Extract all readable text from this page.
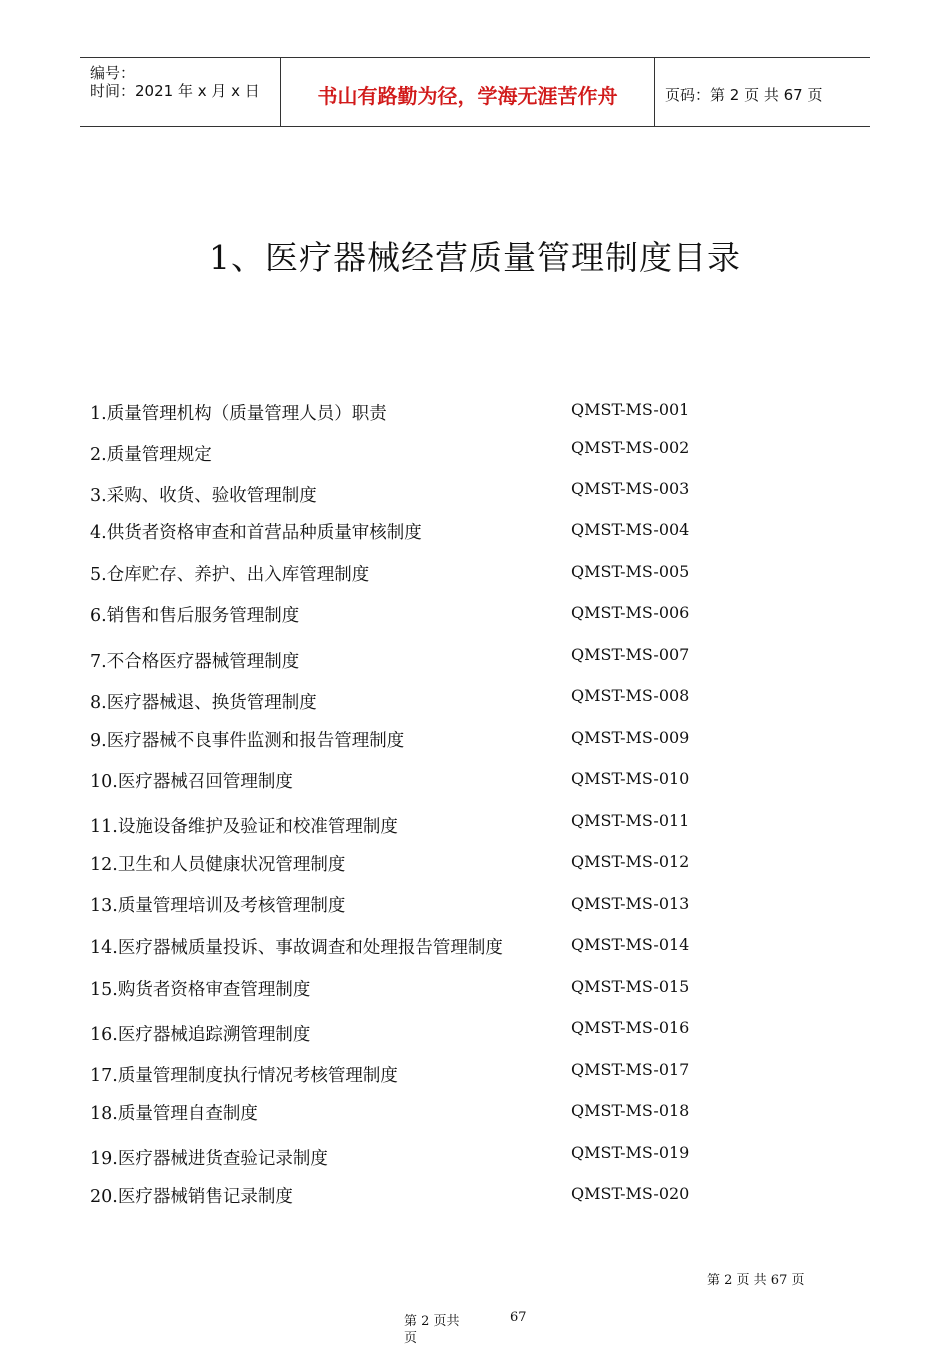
编号：
时间：2021 年 x 月 x 日	书山有路勤为径，学海无涯苦作舟	页码：第 2 页 共 67 页
1、医疗器械经营质量管理制度目录
1.质量管理机构（质量管理人员）职责	QMST-MS-001
2.质量管理规定	QMST-MS-002
3.采购、收货、验收管理制度	QMST-MS-003
4.供货者资格审查和首营品种质量审核制度	QMST-MS-004
5.仓库贮存、养护、出入库管理制度	QMST-MS-005
6.销售和售后服务管理制度	QMST-MS-006
7.不合格医疗器械管理制度	QMST-MS-007
8.医疗器械退、换货管理制度	QMST-MS-008
9.医疗器械不良事件监测和报告管理制度	QMST-MS-009
10.医疗器械召回管理制度	QMST-MS-010
11.设施设备维护及验证和校准管理制度	QMST-MS-011
12.卫生和人员健康状况管理制度	QMST-MS-012
13.质量管理培训及考核管理制度	QMST-MS-013
14.医疗器械质量投诉、事故调查和处理报告管理制度	QMST-MS-014
15.购货者资格审查管理制度	QMST-MS-015
16.医疗器械追踪溯管理制度	QMST-MS-016
17.质量管理制度执行情况考核管理制度	QMST-MS-017
18.质量管理自查制度	QMST-MS-018
19.医疗器械进货查验记录制度	QMST-MS-019
20.医疗器械销售记录制度	QMST-MS-020
第 2 页 共 67 页
第 2 页共	67
页
